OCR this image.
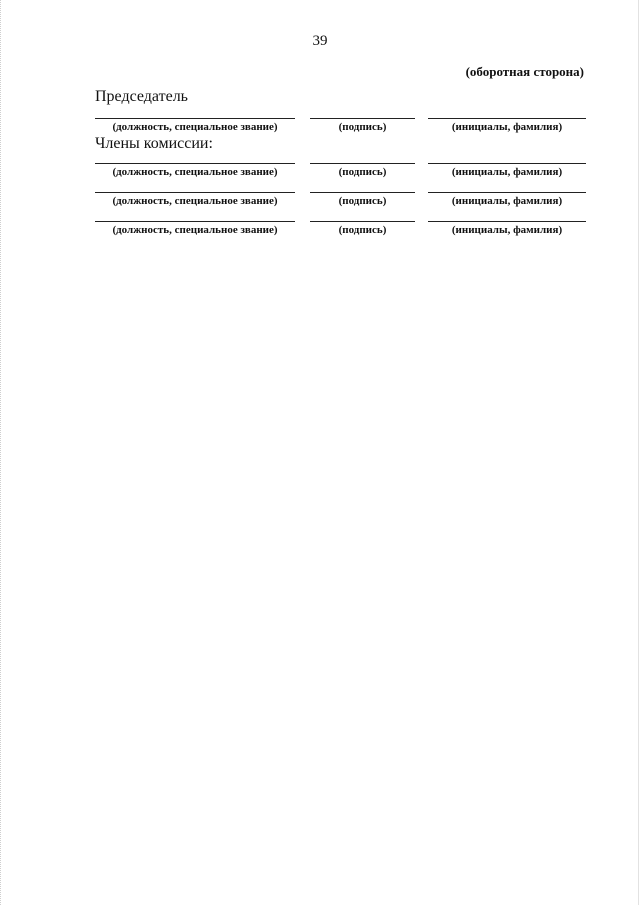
39
(оборотная сторона)
Председатель
(должность, специальное звание)	(подпись)	(инициалы, фамилия)
Члены комиссии:
(должность, специальное звание)	(подпись)	(инициалы, фамилия)
(должность, специальное звание)	(подпись)	(инициалы, фамилия)
(должность, специальное звание)	(подпись)	(инициалы, фамилия)
